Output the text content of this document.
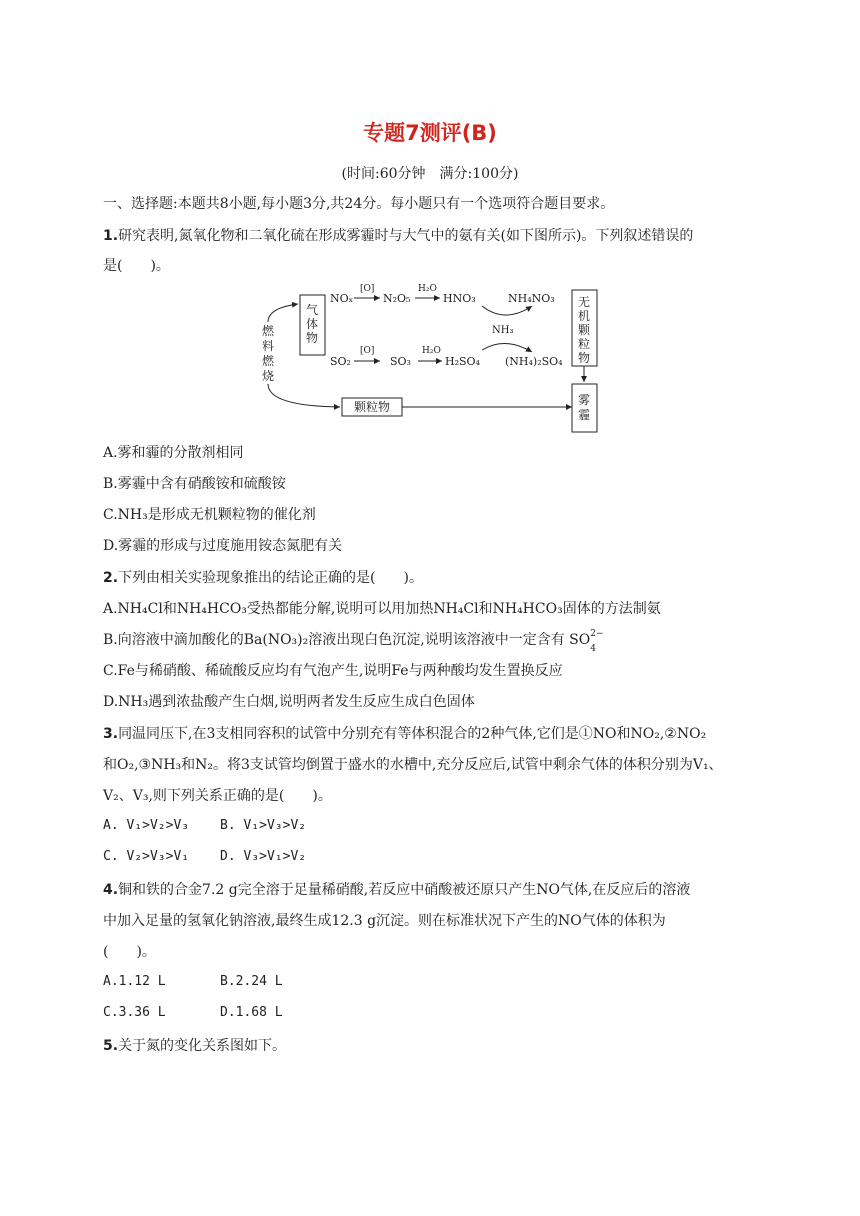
专题7测评(B)
(时间:60分钟　满分:100分)
一、选择题:本题共8小题,每小题3分,共24分。每小题只有一个选项符合题目要求。
1.研究表明,氮氧化物和二氧化硫在形成雾霾时与大气中的氨有关(如下图所示)。下列叙述错误的
是(　　)。
气
体
物
燃
料
燃
烧
颗粒物
NOₓ
[O]
N₂O₅
H₂O
HNO₃	NH₄NO₃
NH₃
SO₂
[O]
SO₃
H₂O
H₂SO₄ (NH₄)₂SO₄
无
机
颗
粒
物
雾
霾
A.雾和霾的分散剂相同
B.雾霾中含有硝酸铵和硫酸铵
C.NH₃是形成无机颗粒物的催化剂
D.雾霾的形成与过度施用铵态氮肥有关
2.下列由相关实验现象推出的结论正确的是(　　)。
A.NH₄Cl和NH₄HCO₃受热都能分解,说明可以用加热NH₄Cl和NH₄HCO₃固体的方法制氨
B.向溶液中滴加酸化的Ba(NO₃)₂溶液出现白色沉淀,说明该溶液中一定含有 SO 2−
4
C.Fe与稀硝酸、稀硫酸反应均有气泡产生,说明Fe与两种酸均发生置换反应
D.NH₃遇到浓盐酸产生白烟,说明两者发生反应生成白色固体
3.同温同压下,在3支相同容积的试管中分别充有等体积混合的2种气体,它们是①NO和NO₂,②NO₂
和O₂,③NH₃和N₂。将3支试管均倒置于盛水的水槽中,充分反应后,试管中剩余气体的体积分别为V₁、
V₂、V₃,则下列关系正确的是(　　)。
A. V₁>V₂>V₃ B. V₁>V₃>V₂
C. V₂>V₃>V₁ D. V₃>V₁>V₂
4.铜和铁的合金7.2 g完全溶于足量稀硝酸,若反应中硝酸被还原只产生NO气体,在反应后的溶液
中加入足量的氢氧化钠溶液,最终生成12.3 g沉淀。则在标准状况下产生的NO气体的体积为
(　　)。
A.1.12 L	B.2.24 L
C.3.36 L	D.1.68 L
5.关于氮的变化关系图如下。
